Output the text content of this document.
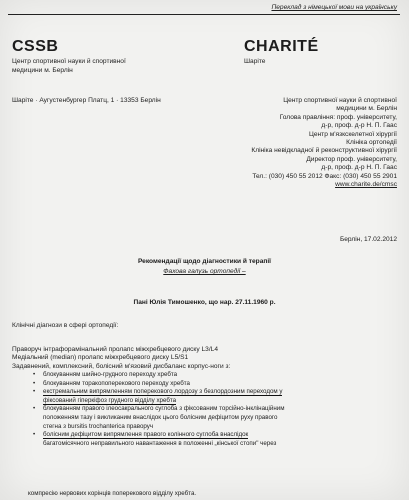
Переклад з німецької мови на українську
CSSB
Центр спортивної науки й спортивної
медицини м. Берлін
Шаріте · Аугустенбургер Платц, 1 · 13353 Берлін
CHARITÉ
Шаріте
Центр спортивної науки й спортивної
медицини м. Берлін
Голова правління: проф. університету,
д-р, проф. д-р Н. П. Гаас
Центр м'язкскелетної хірургії
Клініка ортопедії
Клініка невідкладної й реконструктивної хірургії
Директор проф. університету,
д-р, проф. д-р Н. П. Гаас
Тел.: (030) 450 55 2012 Факс: (030) 450 55 2901
www.charite.de/cmsc
Берлін, 17.02.2012
Рекомендації щодо діагностики й терапії
Фахова галузь ортопедії –
Пані Юлія Тимошенко, що нар. 27.11.1960 р.
Клінічні діагнози в сфері ортопедії:
Праворуч інтрафорамінальний пролапс міжхребцевого диску L3/L4
Медіальний (median) пролапс міжхребцевого диску L5/S1
Задавнений, комплексний, болісний м'язовий дисбаланс корпус-ноги з:
• блокуванням шийно-грудного переходу хребта
• блокуванням торакопоперекового переходу хребта
• екстремальним випрямленням поперекового лордозу з безлордозним переходом у
фіксований гіперкіфоз грудного відділу хребта
• блокуванням правого ілеосакрального суглоба з фіксованим торсійно-інклінаційним
положенням тазу і викликаним внаслідок цього болісним дефіцитом руху правого
стегна з bursitis trochanterica праворуч
• болісним дефіцитом випрямлення правого колінного суглоба внаслідок
багатомісячного неправильного навантаження в положенні „кінської стопи" через
компресію нервових корінців поперекового відділу хребта.
